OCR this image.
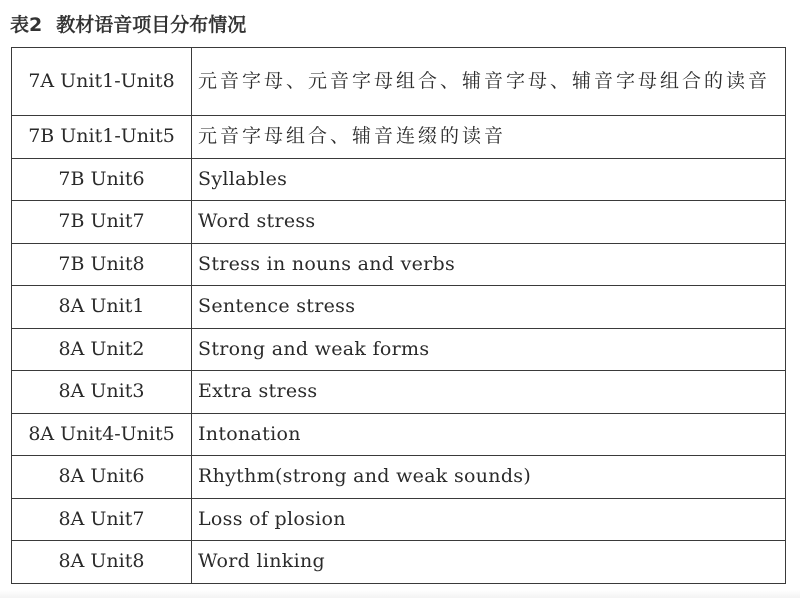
表2 教材语音项目分布情况
7A Unit1-Unit8	元音字母、元音字母组合、辅音字母、辅音字母组合的读音
7B Unit1-Unit5	元音字母组合、辅音连缀的读音
7B Unit6	Syllables
7B Unit7	Word stress
7B Unit8	Stress in nouns and verbs
8A Unit1	Sentence stress
8A Unit2	Strong and weak forms
8A Unit3	Extra stress
8A Unit4-Unit5	Intonation
8A Unit6	Rhythm(strong and weak sounds)
8A Unit7	Loss of plosion
8A Unit8	Word linking
